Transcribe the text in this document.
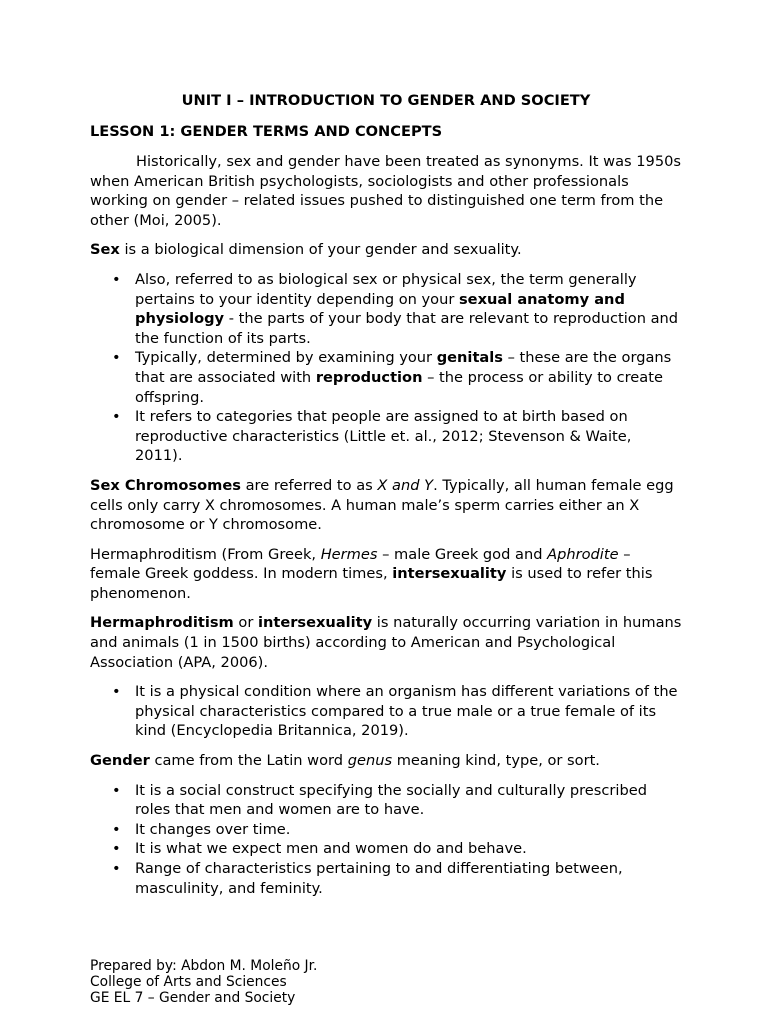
UNIT I – INTRODUCTION TO GENDER AND SOCIETY
LESSON 1: GENDER TERMS AND CONCEPTS

Historically, sex and gender have been treated as synonyms. It was 1950s when American British psychologists, sociologists and other professionals working on gender – related issues pushed to distinguished one term from the other (Moi, 2005).

Sex is a biological dimension of your gender and sexuality.

• Also, referred to as biological sex or physical sex, the term generally pertains to your identity depending on your sexual anatomy and physiology - the parts of your body that are relevant to reproduction and the function of its parts.
• Typically, determined by examining your genitals – these are the organs that are associated with reproduction – the process or ability to create offspring.
• It refers to categories that people are assigned to at birth based on reproductive characteristics (Little et. al., 2012; Stevenson & Waite, 2011).

Sex Chromosomes are referred to as X and Y. Typically, all human female egg cells only carry X chromosomes. A human male’s sperm carries either an X chromosome or Y chromosome.

Hermaphroditism (From Greek, Hermes – male Greek god and Aphrodite – female Greek goddess. In modern times, intersexuality is used to refer this phenomenon.

Hermaphroditism or intersexuality is naturally occurring variation in humans and animals (1 in 1500 births) according to American and Psychological Association (APA, 2006).

• It is a physical condition where an organism has different variations of the physical characteristics compared to a true male or a true female of its kind (Encyclopedia Britannica, 2019).

Gender came from the Latin word genus meaning kind, type, or sort.

• It is a social construct specifying the socially and culturally prescribed roles that men and women are to have.
• It changes over time.
• It is what we expect men and women do and behave.
• Range of characteristics pertaining to and differentiating between, masculinity, and feminity.
Prepared by: Abdon M. Moleño Jr.
College of Arts and Sciences
GE EL 7 – Gender and Society
